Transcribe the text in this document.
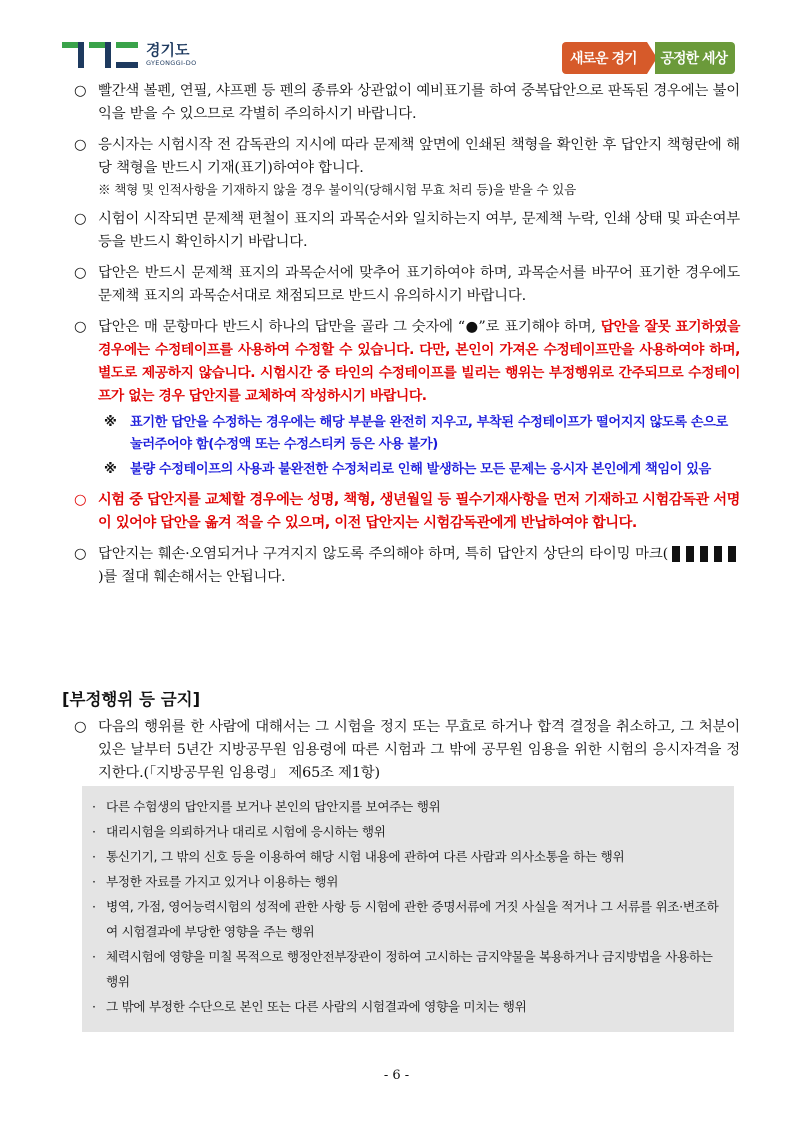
경기도
GYEONGGI-DO	새로운 경기	공정한 세상
○ 빨간색 볼펜, 연필, 샤프펜 등 펜의 종류와 상관없이 예비표기를 하여 중복답안으로 판독된 경우에는 불이익을 받을 수 있으므로 각별히 주의하시기 바랍니다.
○ 응시자는 시험시작 전 감독관의 지시에 따라 문제책 앞면에 인쇄된 책형을 확인한 후 답안지 책형란에 해당 책형을 반드시 기재(표기)하여야 합니다.
※ 책형 및 인적사항을 기재하지 않을 경우 불이익(당해시험 무효 처리 등)을 받을 수 있음
○ 시험이 시작되면 문제책 편철이 표지의 과목순서와 일치하는지 여부, 문제책 누락, 인쇄 상태 및 파손여부 등을 반드시 확인하시기 바랍니다.
○ 답안은 반드시 문제책 표지의 과목순서에 맞추어 표기하여야 하며, 과목순서를 바꾸어 표기한 경우에도 문제책 표지의 과목순서대로 채점되므로 반드시 유의하시기 바랍니다.
○ 답안은 매 문항마다 반드시 하나의 답만을 골라 그 숫자에 “●”로 표기해야 하며, 답안을 잘못 표기하였을 경우에는 수정테이프를 사용하여 수정할 수 있습니다. 다만, 본인이 가져온 수정테이프만을 사용하여야 하며, 별도로 제공하지 않습니다. 시험시간 중 타인의 수정테이프를 빌리는 행위는 부정행위로 간주되므로 수정테이프가 없는 경우 답안지를 교체하여 작성하시기 바랍니다.
※	표기한 답안을 수정하는 경우에는 해당 부분을 완전히 지우고, 부착된 수정테이프가 떨어지지 않도록 손으로 눌러주어야 함(수정액 또는 수정스티커 등은 사용 불가)
※	불량 수정테이프의 사용과 불완전한 수정처리로 인해 발생하는 모든 문제는 응시자 본인에게 책임이 있음
○ 시험 중 답안지를 교체할 경우에는 성명, 책형, 생년월일 등 필수기재사항을 먼저 기재하고 시험감독관 서명이 있어야 답안을 옮겨 적을 수 있으며, 이전 답안지는 시험감독관에게 반납하여야 합니다.
○ 답안지는 훼손·오염되거나 구겨지지 않도록 주의해야 하며, 특히 답안지 상단의 타이밍 마크(
)를 절대 훼손해서는 안됩니다.
[부정행위 등 금지]
○ 다음의 행위를 한 사람에 대해서는 그 시험을 정지 또는 무효로 하거나 합격 결정을 취소하고, 그 처분이 있은 날부터 5년간 지방공무원 임용령에 따른 시험과 그 밖에 공무원 임용을 위한 시험의 응시자격을 정지한다.(「지방공무원 임용령」 제65조 제1항)
· 다른 수험생의 답안지를 보거나 본인의 답안지를 보여주는 행위
· 대리시험을 의뢰하거나 대리로 시험에 응시하는 행위
· 통신기기, 그 밖의 신호 등을 이용하여 해당 시험 내용에 관하여 다른 사람과 의사소통을 하는 행위
· 부정한 자료를 가지고 있거나 이용하는 행위
· 병역, 가점, 영어능력시험의 성적에 관한 사항 등 시험에 관한 증명서류에 거짓 사실을 적거나 그 서류를 위조·변조하여 시험결과에 부당한 영향을 주는 행위
· 체력시험에 영향을 미칠 목적으로 행정안전부장관이 정하여 고시하는 금지약물을 복용하거나 금지방법을 사용하는 행위
· 그 밖에 부정한 수단으로 본인 또는 다른 사람의 시험결과에 영향을 미치는 행위
- 6 -
